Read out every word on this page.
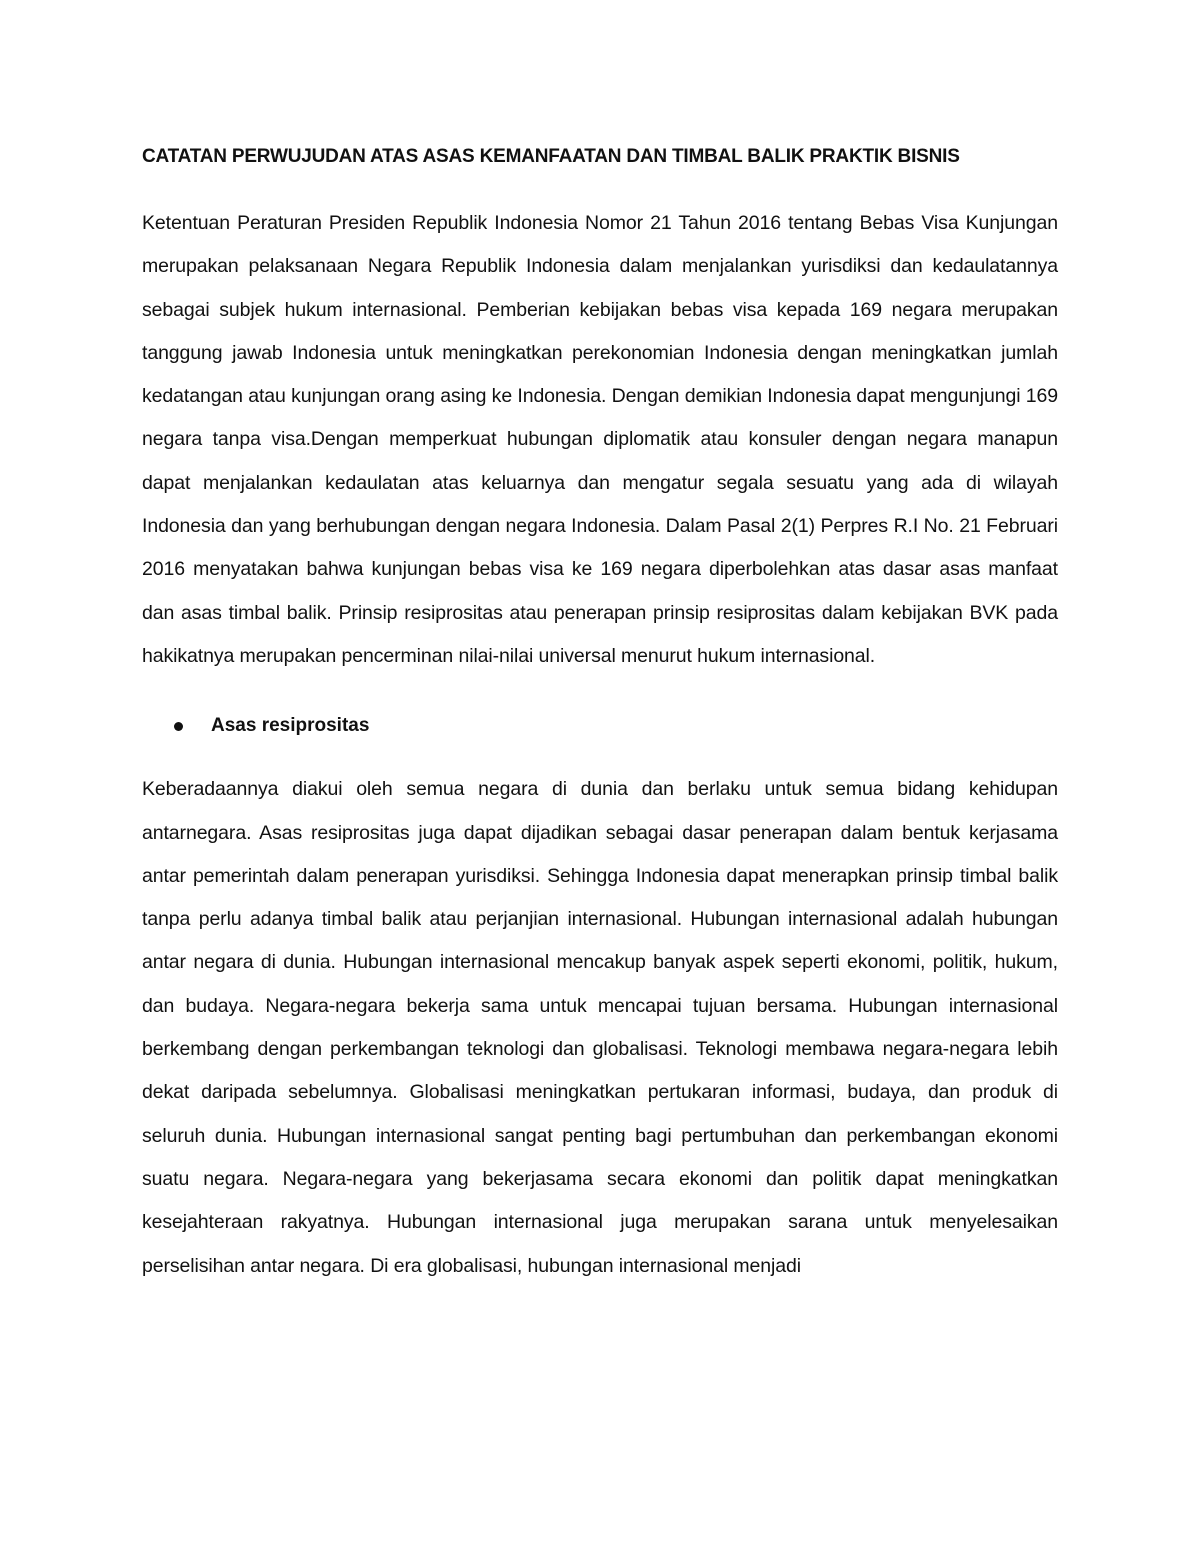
CATATAN PERWUJUDAN ATAS ASAS KEMANFAATAN DAN TIMBAL BALIK PRAKTIK BISNIS

Ketentuan Peraturan Presiden Republik Indonesia Nomor 21 Tahun 2016 tentang Bebas Visa Kunjungan merupakan pelaksanaan Negara Republik Indonesia dalam menjalankan yurisdiksi dan kedaulatannya sebagai subjek hukum internasional. Pemberian kebijakan bebas visa kepada 169 negara merupakan tanggung jawab Indonesia untuk meningkatkan perekonomian Indonesia dengan meningkatkan jumlah kedatangan atau kunjungan orang asing ke Indonesia. Dengan demikian Indonesia dapat mengunjungi 169 negara tanpa visa.Dengan memperkuat hubungan diplomatik atau konsuler dengan negara manapun dapat menjalankan kedaulatan atas keluarnya dan mengatur segala sesuatu yang ada di wilayah Indonesia dan yang berhubungan dengan negara Indonesia. Dalam Pasal 2(1) Perpres R.I No. 21 Februari 2016 menyatakan bahwa kunjungan bebas visa ke 169 negara diperbolehkan atas dasar asas manfaat dan asas timbal balik. Prinsip resiprositas atau penerapan prinsip resiprositas dalam kebijakan BVK pada hakikatnya merupakan pencerminan nilai-nilai universal menurut hukum internasional.

Asas resiprositas

Keberadaannya diakui oleh semua negara di dunia dan berlaku untuk semua bidang kehidupan antarnegara. Asas resiprositas juga dapat dijadikan sebagai dasar penerapan dalam bentuk kerjasama antar pemerintah dalam penerapan yurisdiksi. Sehingga Indonesia dapat menerapkan prinsip timbal balik tanpa perlu adanya timbal balik atau perjanjian internasional. Hubungan internasional adalah hubungan antar negara di dunia. Hubungan internasional mencakup banyak aspek seperti ekonomi, politik, hukum, dan budaya. Negara-negara bekerja sama untuk mencapai tujuan bersama. Hubungan internasional berkembang dengan perkembangan teknologi dan globalisasi. Teknologi membawa negara-negara lebih dekat daripada sebelumnya. Globalisasi meningkatkan pertukaran informasi, budaya, dan produk di seluruh dunia. Hubungan internasional sangat penting bagi pertumbuhan dan perkembangan ekonomi suatu negara. Negara-negara yang bekerjasama secara ekonomi dan politik dapat meningkatkan kesejahteraan rakyatnya. Hubungan internasional juga merupakan sarana untuk menyelesaikan perselisihan antar negara. Di era globalisasi, hubungan internasional menjadi
